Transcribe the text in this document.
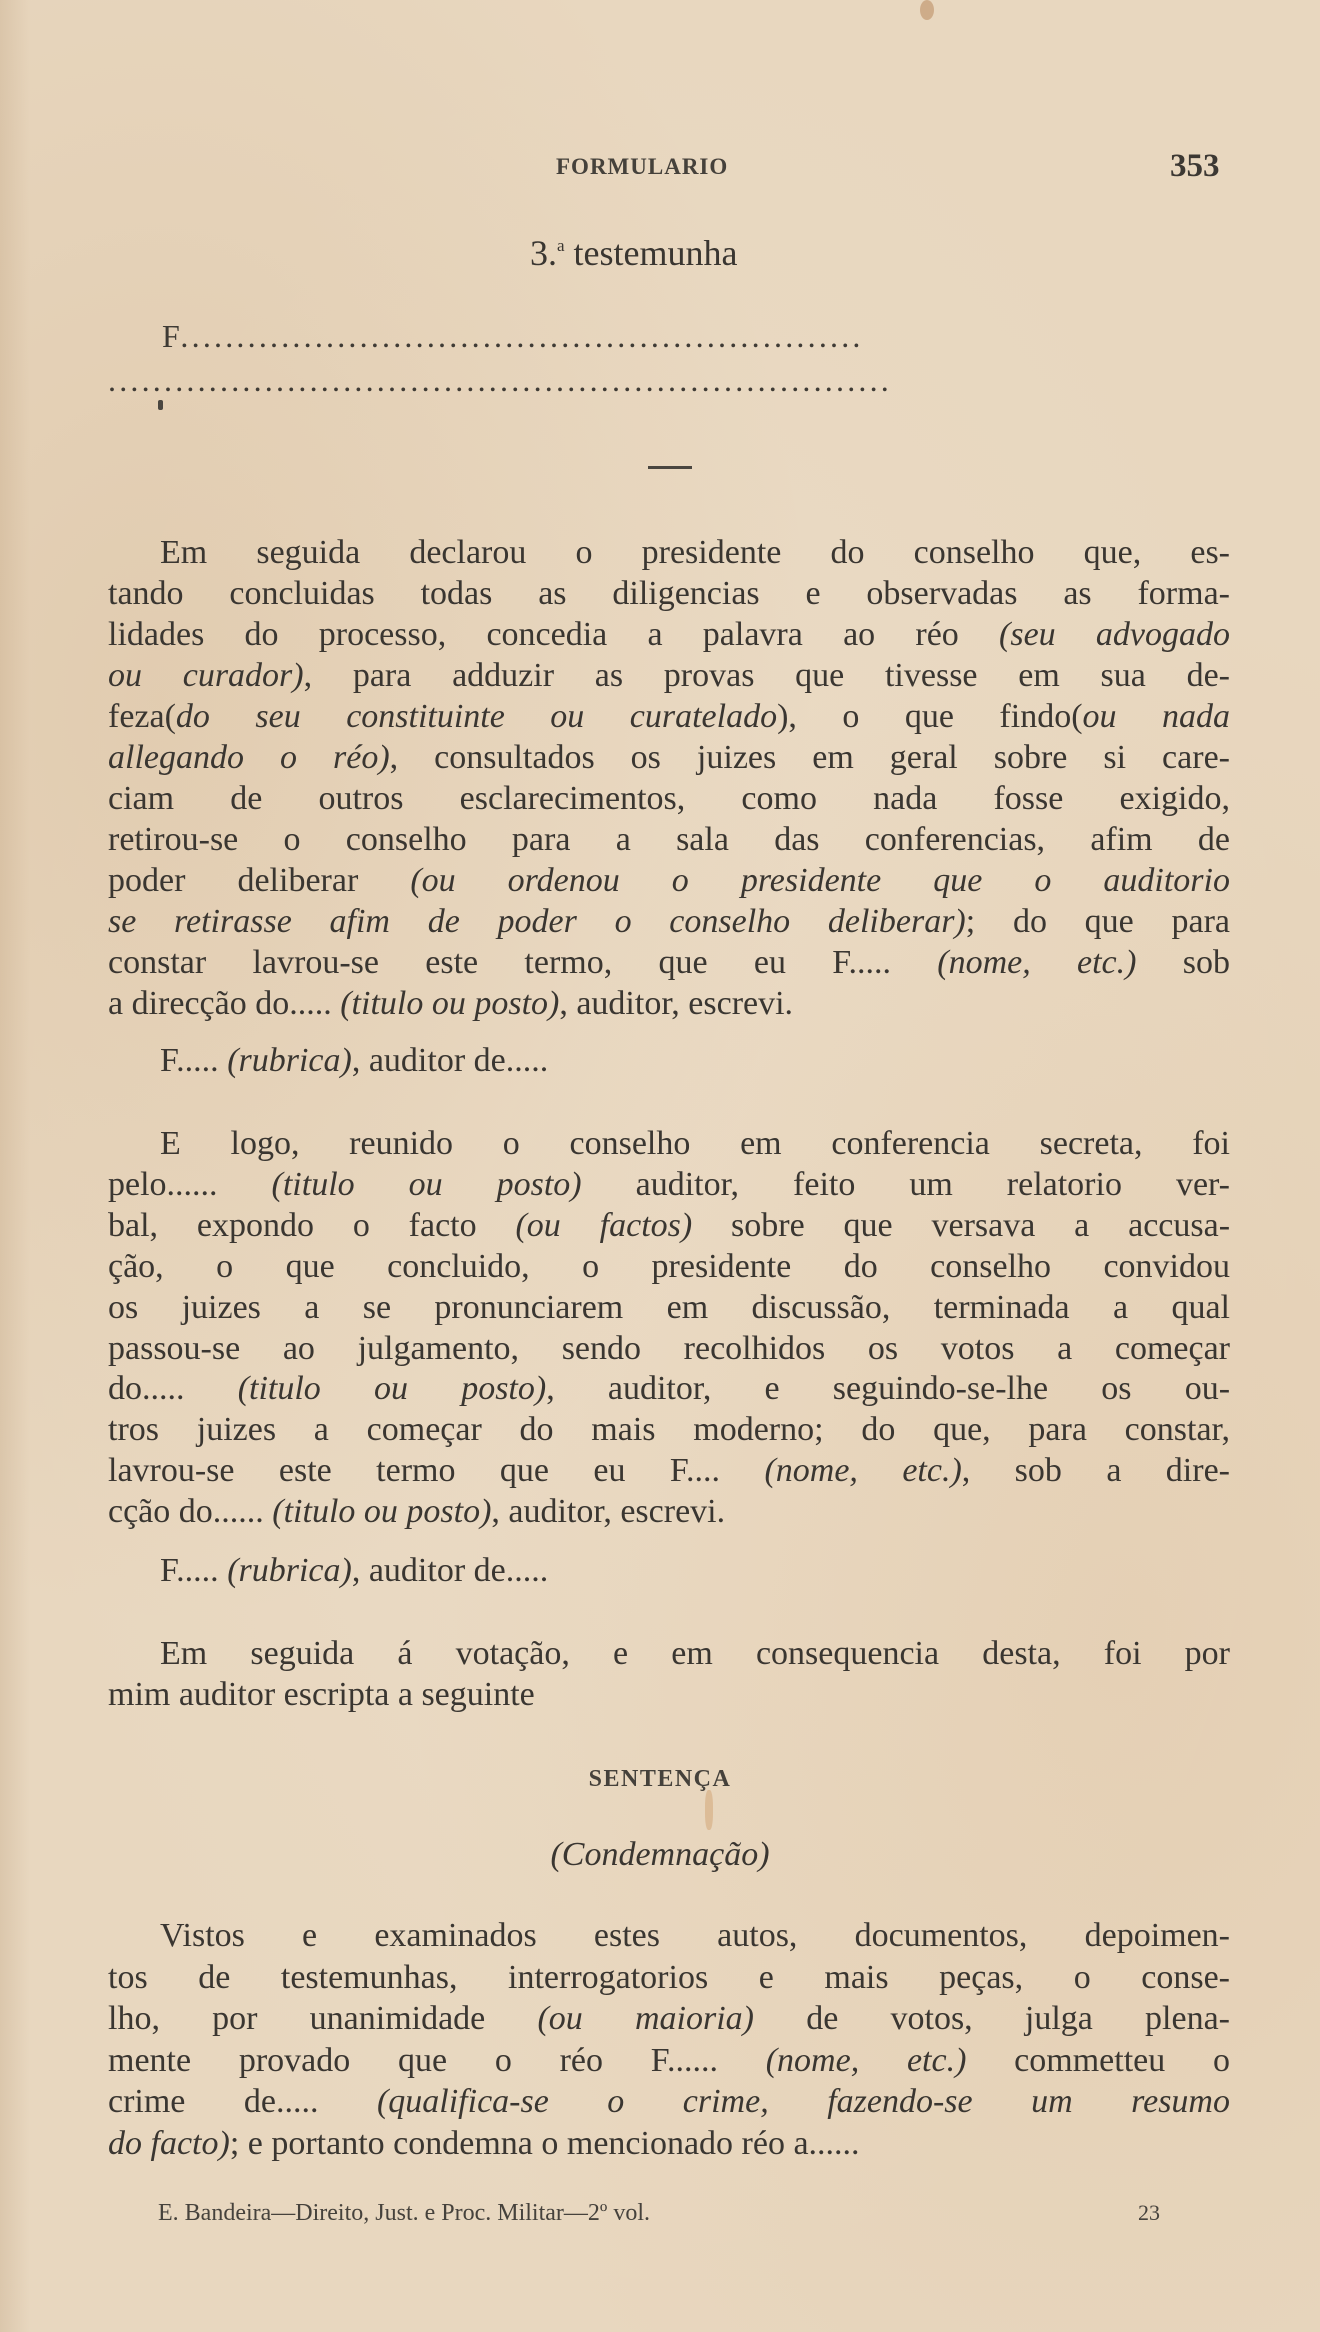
FORMULARIO	353
3.$^a$ testemunha
F.............................................................
......................................................................
Em seguida declarou o presidente do conselho que, es-
tando concluidas todas as diligencias e observadas as forma-
lidades do processo, concedia a palavra ao réo (seu advogado
ou curador), para adduzir as provas que tivesse em sua de-
feza(do seu constituinte ou curatelado), o que findo(ou nada
allegando o réo), consultados os juizes em geral sobre si care-
ciam de outros esclarecimentos, como nada fosse exigido,
retirou-se o conselho para a sala das conferencias, afim de
poder deliberar (ou ordenou o presidente que o auditorio
se retirasse afim de poder o conselho deliberar); do que para
constar lavrou-se este termo, que eu F..... (nome, etc.) sob
a direcção do..... (titulo ou posto), auditor, escrevi.
F..... (rubrica), auditor de.....
E logo, reunido o conselho em conferencia secreta, foi
pelo...... (titulo ou posto) auditor, feito um relatorio ver-
bal, expondo o facto (ou factos) sobre que versava a accusa-
ção, o que concluido, o presidente do conselho convidou
os juizes a se pronunciarem em discussão, terminada a qual
passou-se ao julgamento, sendo recolhidos os votos a começar
do..... (titulo ou posto), auditor, e seguindo-se-lhe os ou-
tros juizes a começar do mais moderno; do que, para constar,
lavrou-se este termo que eu F.... (nome, etc.), sob a dire-
cção do...... (titulo ou posto), auditor, escrevi.
F..... (rubrica), auditor de.....
Em seguida á votação, e em consequencia desta, foi por
mim auditor escripta a seguinte
Vistos e examinados estes autos, documentos, depoimen-
tos de testemunhas, interrogatorios e mais peças, o conse-
lho, por unanimidade (ou maioria) de votos, julga plena-
mente provado que o réo F...... (nome, etc.) commetteu o
crime de..... (qualifica-se o crime, fazendo-se um resumo
do facto); e portanto condemna o mencionado réo a......
SENTENÇA
(Condemnação)
E. Bandeira—Direito, Just. e Proc. Militar—2º vol.	23
